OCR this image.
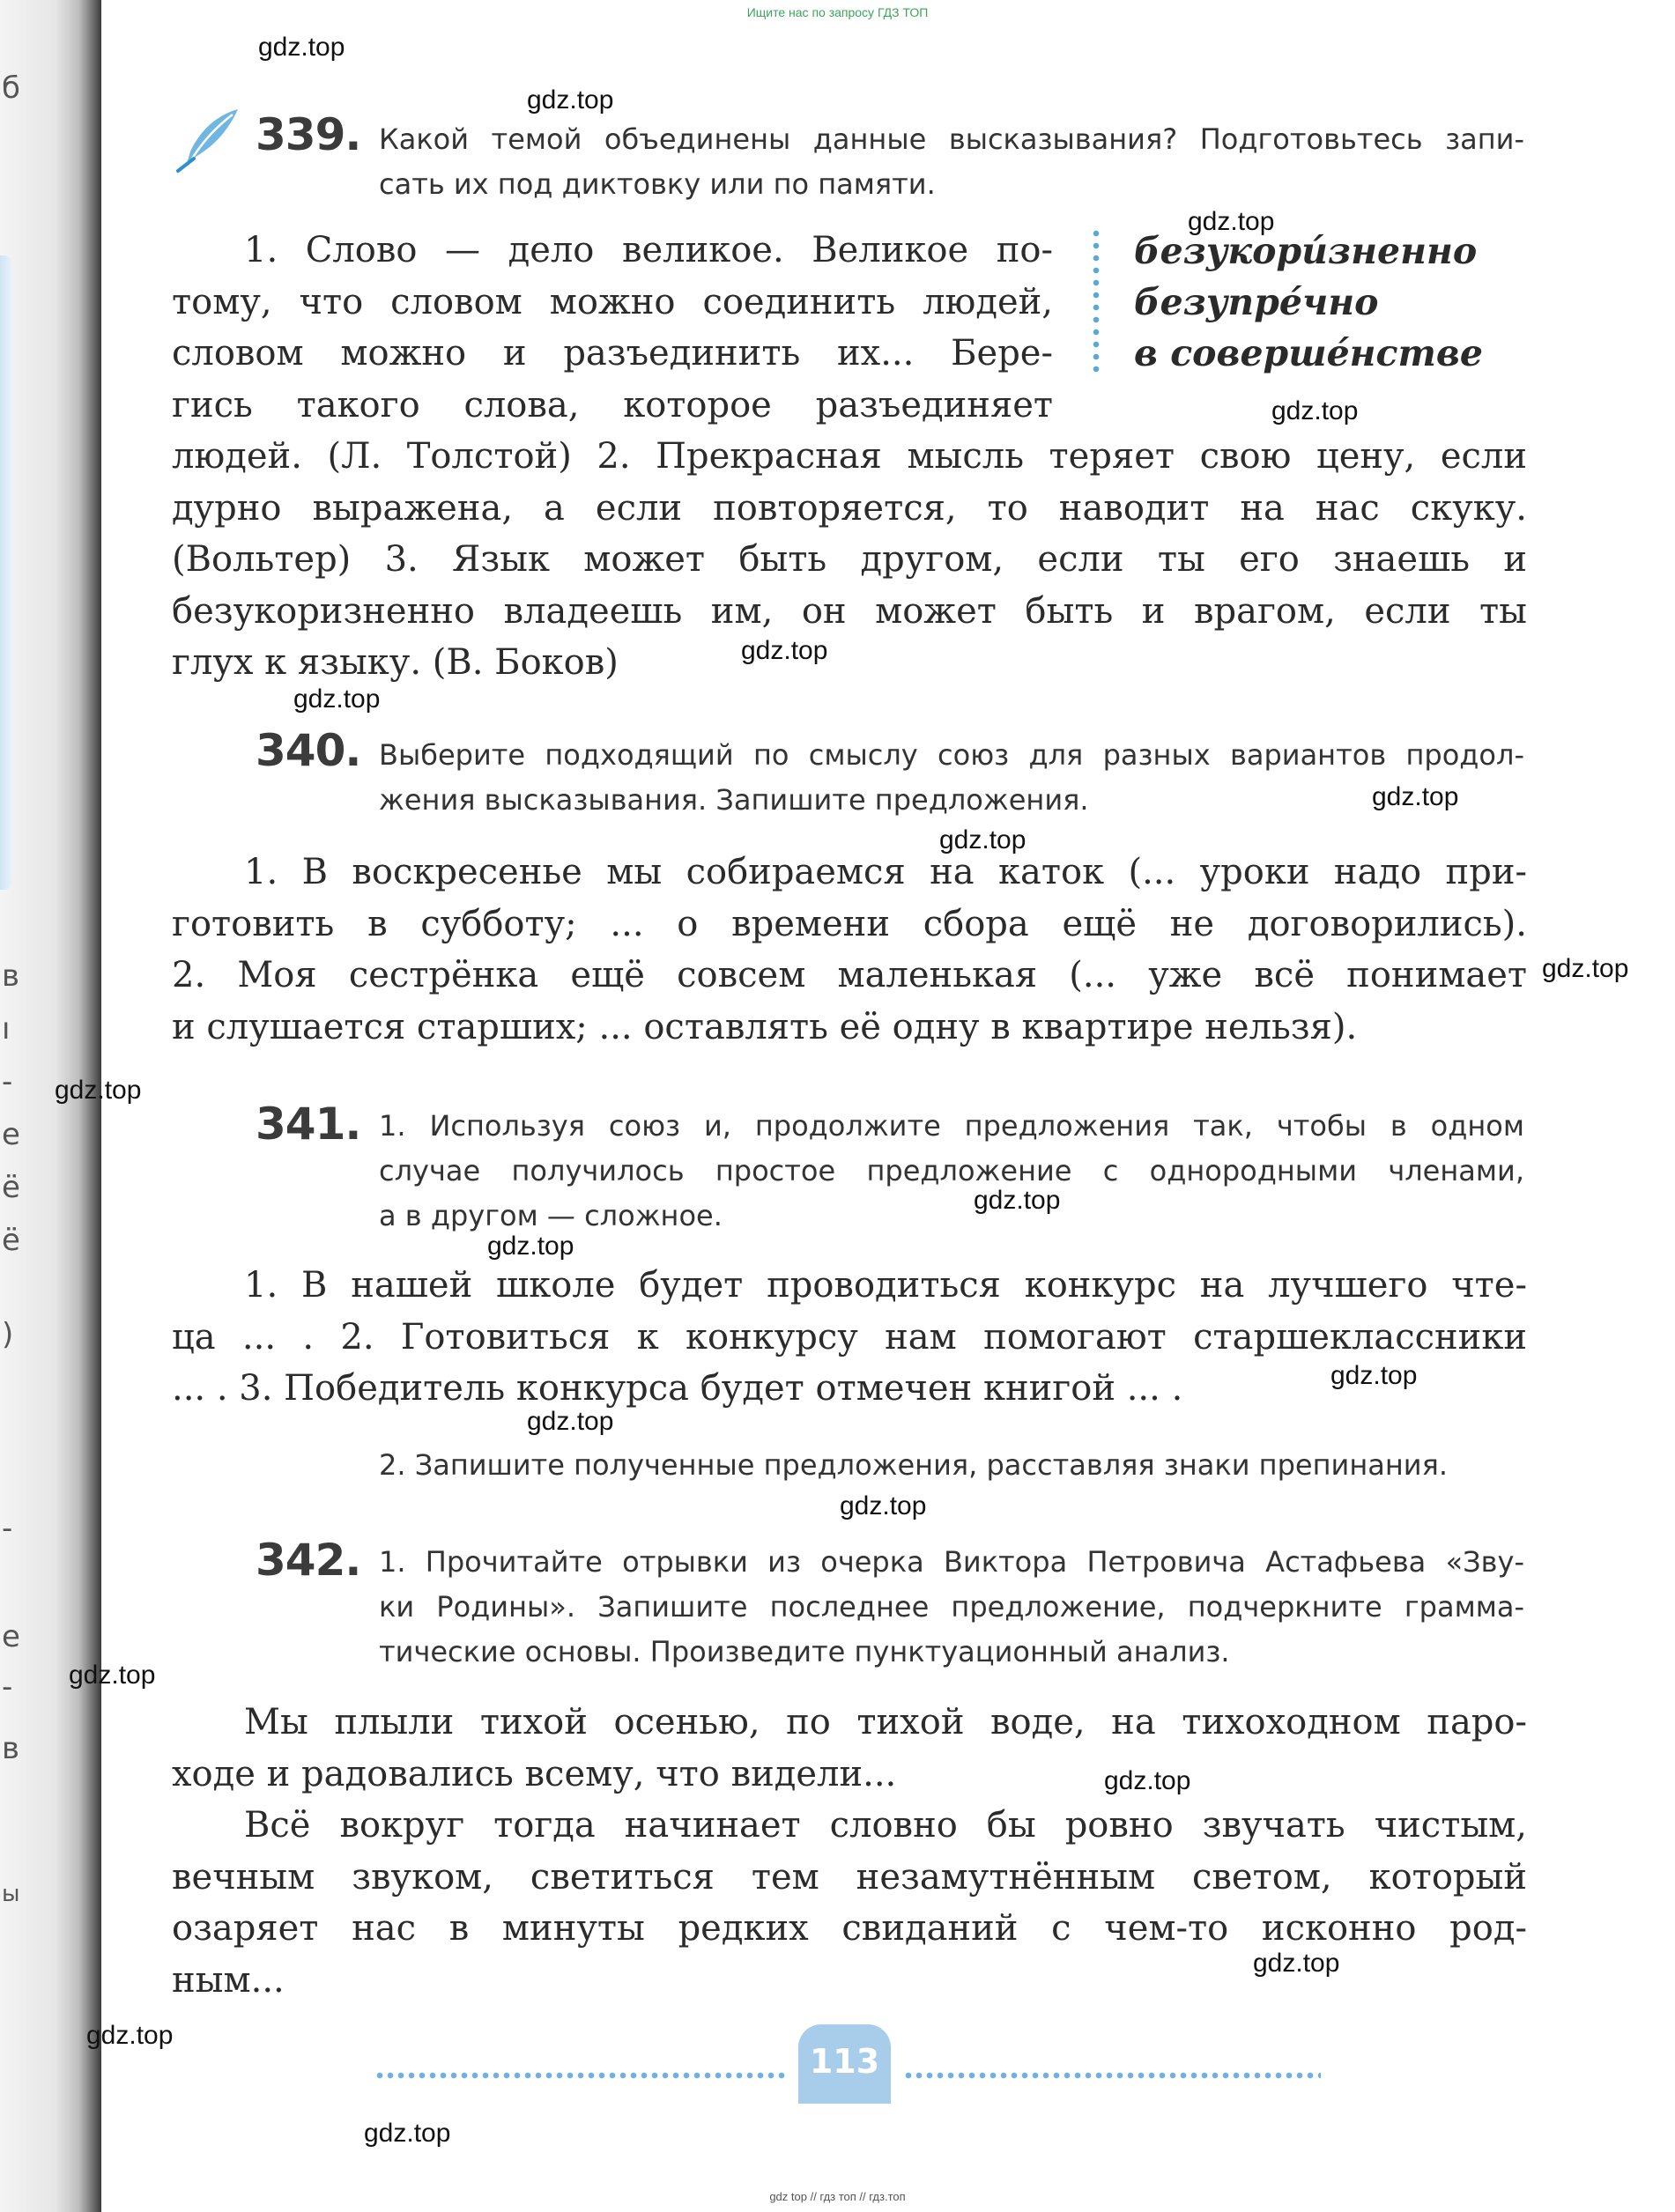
б
в
ı
-
е
ё
ё
)
-
е
-
в
ы
Ищите нас по запросу ГДЗ ТОП
339. Какой темой объединены данные высказывания? Подготовьтесь запи-
сать их под диктовку или по памяти.
безукори́зненно
безупре́чно
в соверше́нстве
1. Слово — дело великое. Великое по-
тому, что словом можно соединить людей,
словом можно и разъединить их... Бере-
гись такого слова, которое разъединяет
людей. (Л. Толстой) 2. Прекрасная мысль теряет свою цену, если
дурно выражена, а если повторяется, то наводит на нас скуку.
(Вольтер) 3. Язык может быть другом, если ты его знаешь и
безукоризненно владеешь им, он может быть и врагом, если ты
глух к языку. (В. Боков)
340. Выберите подходящий по смыслу союз для разных вариантов продол-
жения высказывания. Запишите предложения.
1. В воскресенье мы собираемся на каток (... уроки надо при-
готовить в субботу; ... о времени сбора ещё не договорились).
2. Моя сестрёнка ещё совсем маленькая (... уже всё понимает
и слушается старших; ... оставлять её одну в квартире нельзя).
341. 1. Используя союз и, продолжите предложения так, чтобы в одном
случае получилось простое предложение с однородными членами,
а в другом — сложное.
1. В нашей школе будет проводиться конкурс на лучшего чте-
ца ... . 2. Готовиться к конкурсу нам помогают старшеклассники
... . 3. Победитель конкурса будет отмечен книгой ... .
2. Запишите полученные предложения, расставляя знаки препинания.
342. 1. Прочитайте отрывки из очерка Виктора Петровича Астафьева «Зву-
ки Родины». Запишите последнее предложение, подчеркните грамма-
тические основы. Произведите пунктуационный анализ.
Мы плыли тихой осенью, по тихой воде, на тихоходном паро-
ходе и радовались всему, что видели...
Всё вокруг тогда начинает словно бы ровно звучать чистым,
вечным звуком, светиться тем незамутнённым светом, который
озаряет нас в минуты редких свиданий с чем-то исконно род-
ным...
113
gdz top // гдз топ // гдз.топ
gdz.top
gdz.top
gdz.top
gdz.top
gdz.top
gdz.top
gdz.top
gdz.top
gdz.top
gdz.top
gdz.top
gdz.top
gdz.top
gdz.top
gdz.top
gdz.top
gdz.top
gdz.top
gdz.top
gdz.top
